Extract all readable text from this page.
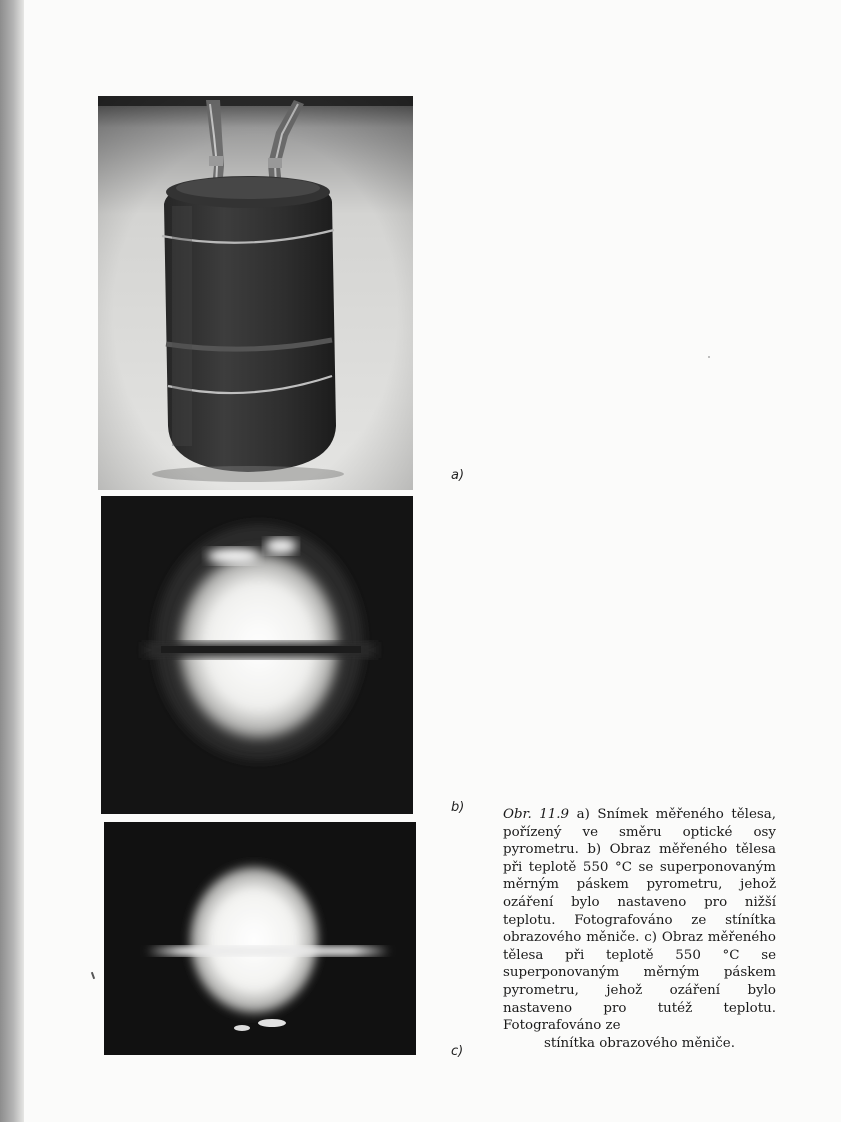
a)
b)
c)
Obr. 11.9 a) Snímek měřeného tělesa, pořízený ve směru optické osy pyrometru. b) Obraz měřeného tělesa při teplotě 550 °C se superponovaným měrným páskem pyrometru, jehož ozáření bylo nastaveno pro nižší teplotu. Fotografováno ze stínítka obrazového měniče. c) Obraz měřeného tělesa při teplotě 550 °C se superponovaným měrným páskem pyrometru, jehož ozáření bylo nastaveno pro tutéž teplotu. Fotografováno ze
stínítka obrazového měniče.
